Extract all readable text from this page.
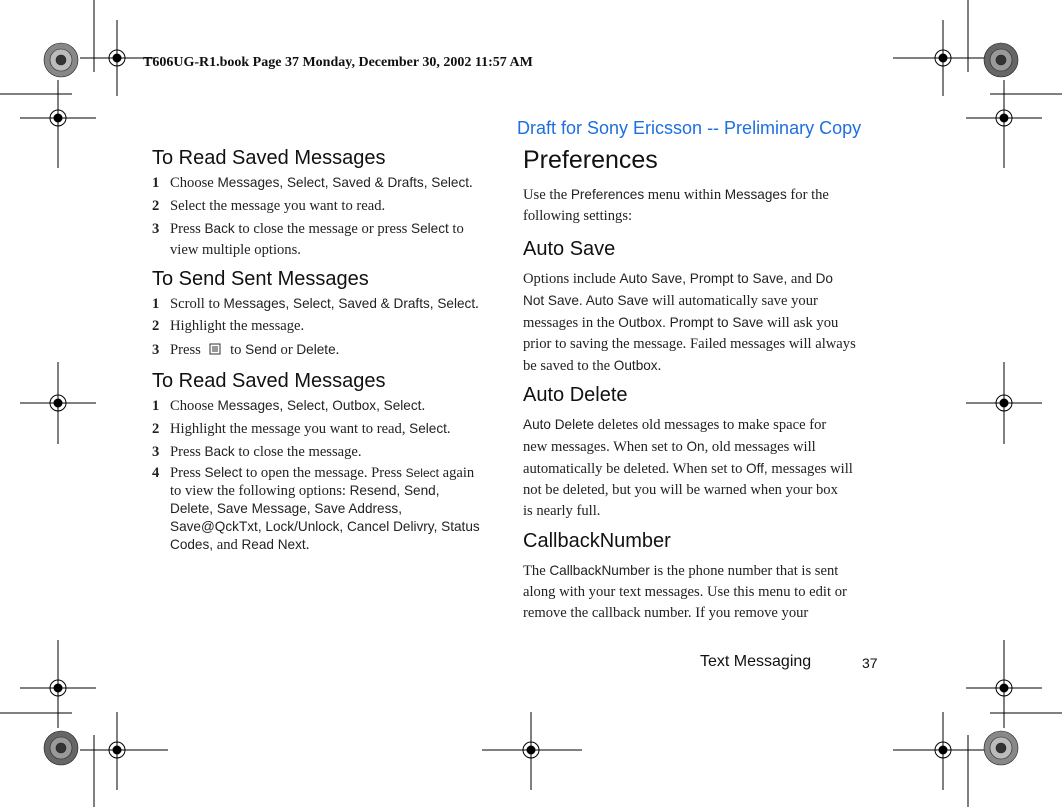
T606UG-R1.book Page 37 Monday, December 30, 2002 11:57 AM
Draft for Sony Ericsson -- Preliminary Copy
To Read Saved Messages
1 Choose Messages, Select, Saved & Drafts, Select.
2 Select the message you want to read.
3 Press Back to close the message or press Select to
view multiple options.
To Send Sent Messages
1 Scroll to Messages, Select, Saved & Drafts, Select.
2 Highlight the message.
3 Press  to Send or Delete.
To Read Saved Messages
1 Choose Messages, Select, Outbox, Select.
2 Highlight the message you want to read, Select.
3 Press Back to close the message.
4 Press Select to open the message. Press Select again
to view the following options: Resend, Send,
Delete, Save Message, Save Address,
Save@QckTxt, Lock/Unlock, Cancel Delivry, Status
Codes, and Read Next.
Preferences
Use the Preferences menu within Messages for the
following settings:
Auto Save
Options include Auto Save, Prompt to Save, and Do
Not Save. Auto Save will automatically save your
messages in the Outbox. Prompt to Save will ask you
prior to saving the message. Failed messages will always
be saved to the Outbox.
Auto Delete
Auto Delete deletes old messages to make space for
new messages. When set to On, old messages will
automatically be deleted. When set to Off, messages will
not be deleted, but you will be warned when your box
is nearly full.
CallbackNumber
The CallbackNumber is the phone number that is sent
along with your text messages. Use this menu to edit or
remove the callback number. If you remove your
Text Messaging	37
